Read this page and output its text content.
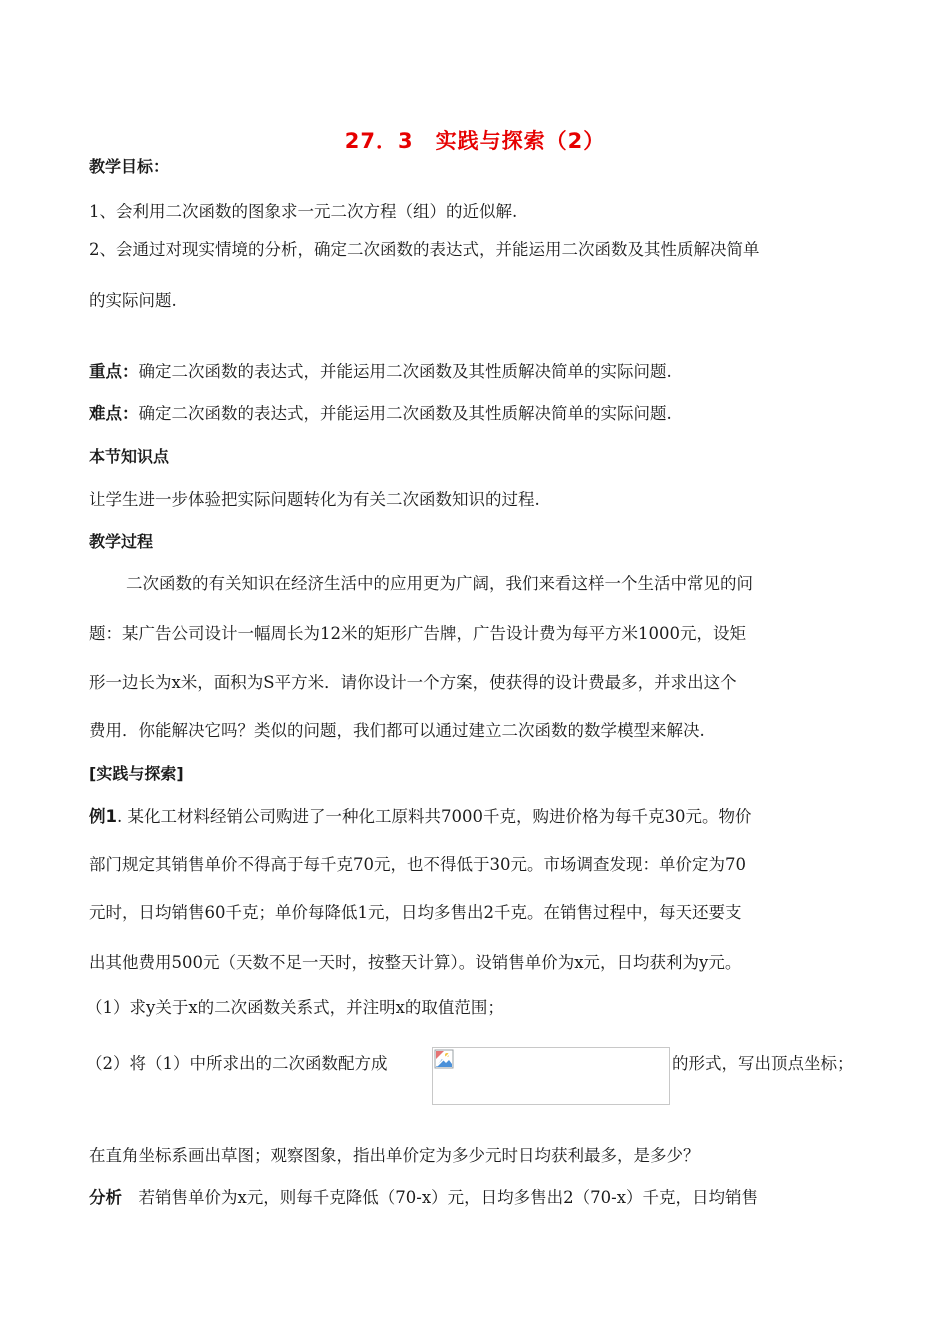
27．3　实践与探索（2）
教学目标：
1、会利用二次函数的图象求一元二次方程（组）的近似解.
2、会通过对现实情境的分析，确定二次函数的表达式，并能运用二次函数及其性质解决简单
的实际问题.
重点：确定二次函数的表达式，并能运用二次函数及其性质解决简单的实际问题.
难点：确定二次函数的表达式，并能运用二次函数及其性质解决简单的实际问题.
本节知识点
让学生进一步体验把实际问题转化为有关二次函数知识的过程.
教学过程
二次函数的有关知识在经济生活中的应用更为广阔，我们来看这样一个生活中常见的问
题：某广告公司设计一幅周长为12米的矩形广告牌，广告设计费为每平方米1000元，设矩
形一边长为x米，面积为S平方米．请你设计一个方案，使获得的设计费最多，并求出这个
费用．你能解决它吗？类似的问题，我们都可以通过建立二次函数的数学模型来解决.
[实践与探索]
例1. 某化工材料经销公司购进了一种化工原料共7000千克，购进价格为每千克30元。物价
部门规定其销售单价不得高于每千克70元，也不得低于30元。市场调查发现：单价定为70
元时，日均销售60千克；单价每降低1元，日均多售出2千克。在销售过程中，每天还要支
出其他费用500元（天数不足一天时，按整天计算）。设销售单价为x元，日均获利为y元。
（1）求y关于x的二次函数关系式，并注明x的取值范围；
（2）将（1）中所求出的二次函数配方成	的形式，写出顶点坐标；
在直角坐标系画出草图；观察图象，指出单价定为多少元时日均获利最多，是多少？
分析　若销售单价为x元，则每千克降低（70-x）元，日均多售出2（70-x）千克，日均销售
